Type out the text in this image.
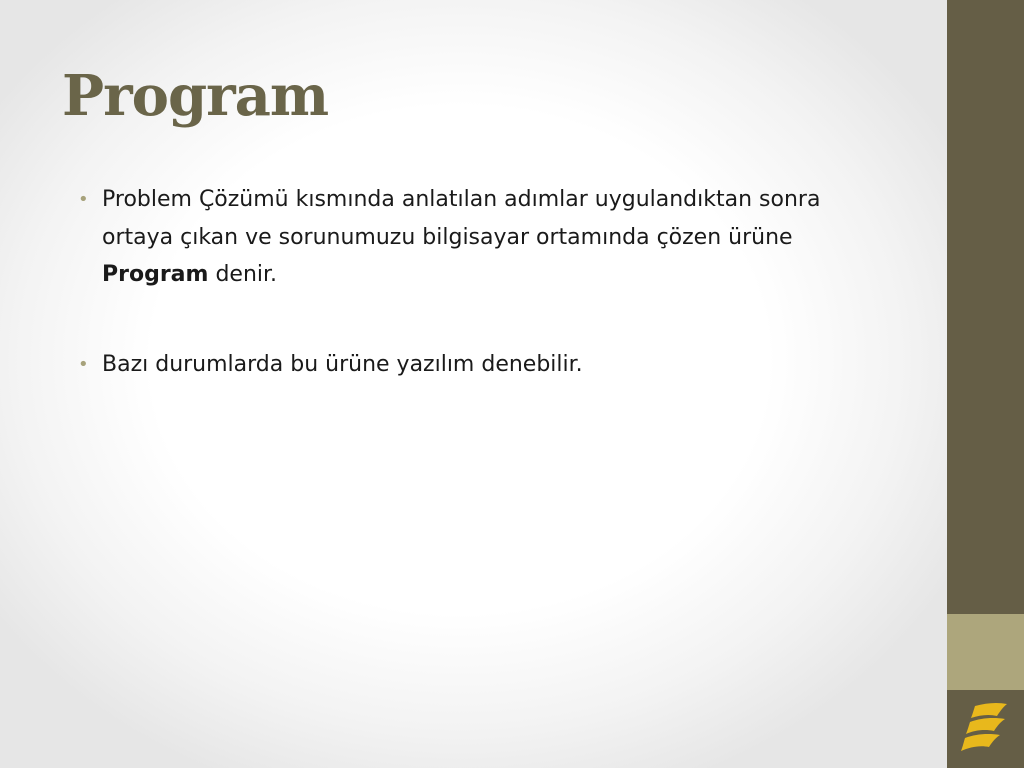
Program
• Problem Çözümü kısmında anlatılan adımlar uygulandıktan sonra ortaya çıkan ve sorunumuzu bilgisayar ortamında çözen ürüne Program denir.
• Bazı durumlarda bu ürüne yazılım denebilir.
